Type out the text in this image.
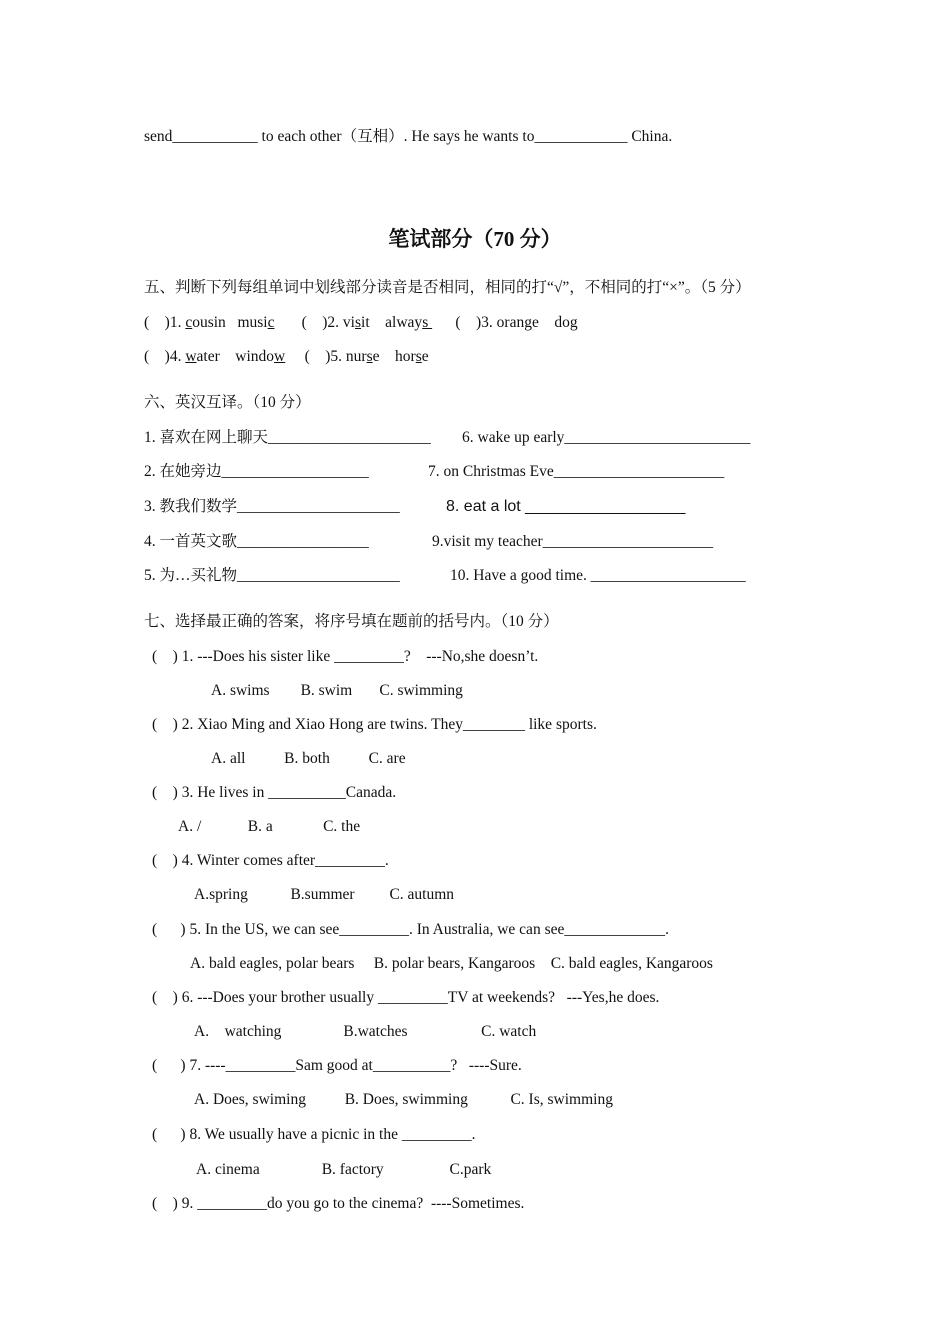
send___________ to each other（互相）. He says he wants to____________ China.
笔试部分（70 分）
五、判断下列每组单词中划线部分读音是否相同，相同的打“√”，不相同的打“×”。（5 分）
(    )1. cousin music       (    )2. visit always       (    )3. orange dog
(    )4. water window     (    )5. nurse horse
六、英汉互译。（10 分）
1. 喜欢在网上聊天_____________________ 6. wake up early________________________
2. 在她旁边___________________	7. on Christmas Eve______________________
3. 教我们数学_____________________	8. eat a lot __________________
4. 一首英文歌_________________	9.visit my teacher______________________
5. 为…买礼物_____________________	10. Have a good time. ____________________
七、选择最正确的答案，将序号填在题前的括号内。（10 分）
(    ) 1. ---Does his sister like _________?    ---No,she doesn’t.
A. swims        B. swim       C. swimming
(    ) 2. Xiao Ming and Xiao Hong are twins. They________ like sports.
A. all          B. both          C. are
(    ) 3. He lives in __________Canada.
A. /            B. a             C. the
(    ) 4. Winter comes after_________.
A.spring           B.summer         C. autumn
(      ) 5. In the US, we can see_________. In Australia, we can see_____________.
A. bald eagles, polar bears     B. polar bears, Kangaroos    C. bald eagles, Kangaroos
(    ) 6. ---Does your brother usually _________TV at weekends?   ---Yes,he does.
A.    watching                B.watches                   C. watch
(      ) 7. ----_________Sam good at__________?   ----Sure.
A. Does, swiming          B. Does, swimming           C. Is, swimming
(      ) 8. We usually have a picnic in the _________.
A. cinema                B. factory                 C.park
(    ) 9. _________do you go to the cinema?  ----Sometimes.
